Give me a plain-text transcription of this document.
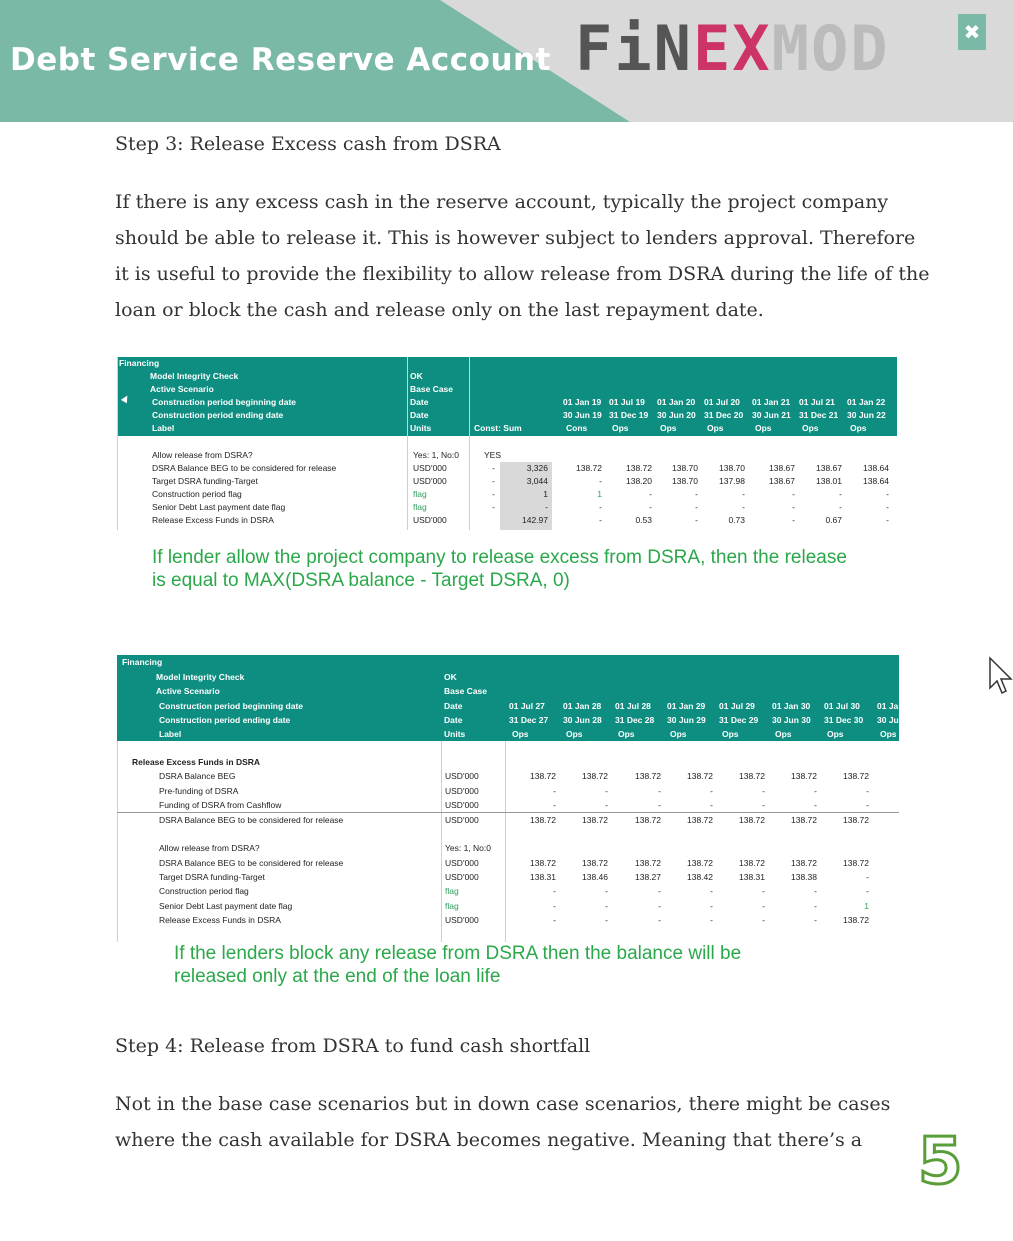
Debt Service Reserve Account FiNEXMOD	✖
Step 3: Release Excess cash from DSRA
If there is any excess cash in the reserve account, typically the project company
should be able to release it. This is however subject to lenders approval. Therefore
it is useful to provide the flexibility to allow release from DSRA during the life of the
loan or block the cash and release only on the last repayment date.
Financing
Model Integrity Check	OK
Active Scenario	Base Case
Construction period beginning date	Date
Construction period ending date	Date
Label	Units	Const: Sum
01 Jan 19 01 Jul 19 01 Jan 20 01 Jul 20 01 Jan 21 01 Jul 21 01 Jan 22
30 Jun 19 31 Dec 19 30 Jun 20 31 Dec 20 30 Jun 21 31 Dec 21 30 Jun 22
Cons	Ops	Ops	Ops	Ops	Ops	Ops
▶
Allow release from DSRA?	Yes: 1, No:0	YES
DSRA Balance BEG to be considered for release	USD'000	-	3,326	138.72	138.72	138.70	138.70	138.67	138.67	138.64
Target DSRA funding-Target	USD'000	-	3,044	-	138.20	138.70	137.98	138.67	138.01	138.64
Construction period flag	flag	-	1	1	-	-	-	-	-	-
Senior Debt Last payment date flag	flag	-	-	-	-	-	-	-	-	-
Release Excess Funds in DSRA	USD'000	142.97	-	0.53	-	0.73	-	0.67	-
If lender allow the project company to release excess from DSRA, then the release
is equal to MAX(DSRA balance - Target DSRA, 0)
Financing
Model Integrity Check	OK
Active Scenario	Base Case
Construction period beginning date	Date
Construction period ending date	Date
Label	Units
01 Jul 27 01 Jan 28 01 Jul 28 01 Jan 29 01 Jul 29 01 Jan 30 01 Jul 30 01 Ja
31 Dec 27 30 Jun 28 31 Dec 28 30 Jun 29 31 Dec 29 30 Jun 30 31 Dec 30 30 Ju
Ops	Ops	Ops	Ops	Ops	Ops	Ops	Ops
Release Excess Funds in DSRA
DSRA Balance BEG	USD'000	138.72	138.72	138.72	138.72	138.72	138.72	138.72
Pre-funding of DSRA	USD'000	-	-	-	-	-	-	-
Funding of DSRA from Cashflow	USD'000	-	-	-	-	-	-	-
DSRA Balance BEG to be considered for release	USD'000	138.72	138.72	138.72	138.72	138.72	138.72	138.72
Allow release from DSRA?	Yes: 1, No:0
DSRA Balance BEG to be considered for release	USD'000	138.72	138.72	138.72	138.72	138.72	138.72	138.72
Target DSRA funding-Target	USD'000	138.31	138.46	138.27	138.42	138.31	138.38	-
Construction period flag	flag	-	-	-	-	-	-	-
Senior Debt Last payment date flag	flag	-	-	-	-	-	-	1
Release Excess Funds in DSRA	USD'000	-	-	-	-	-	-	138.72
If the lenders block any release from DSRA then the balance will be
released only at the end of the loan life
Step 4: Release from DSRA to fund cash shortfall
Not in the base case scenarios but in down case scenarios, there might be cases
where the cash available for DSRA becomes negative. Meaning that there’s a 5
